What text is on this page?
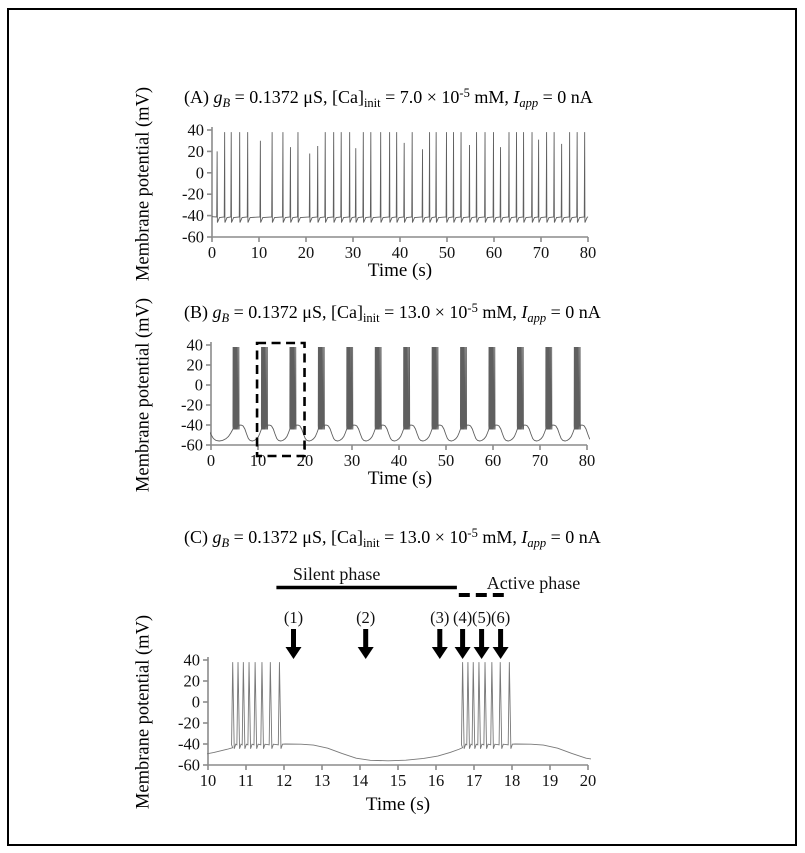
(A) $g_B = 0.1372$ μS, $[Ca]_{init} = 7.0 \times 10^{-5}$ mM, $I_{app} = 0$ nA
(B) $g_B = 0.1372$ μS, $[Ca]_{init} = 13.0 \times 10^{-5}$ mM, $I_{app} = 0$ nA
(C) $g_B = 0.1372$ μS, $[Ca]_{init} = 13.0 \times 10^{-5}$ mM, $I_{app} = 0$ nA
Membrane potential (mV)
Membrane potential (mV)
Membrane potential (mV)
Time (s)
Time (s)
Time (s)
40
20
0
-20
-40
-60
0 10 20 30 40 50 60 70 80
40
20
0
-20
-40
-60
0 10 20 30 40 50 60 70 80
40
20
0
-20
-40
-60
10 11 12 13 14 15 16 17 18 19 20
Silent phase	Active phase
(1)	(2)	(3) (4) (5) (6)
